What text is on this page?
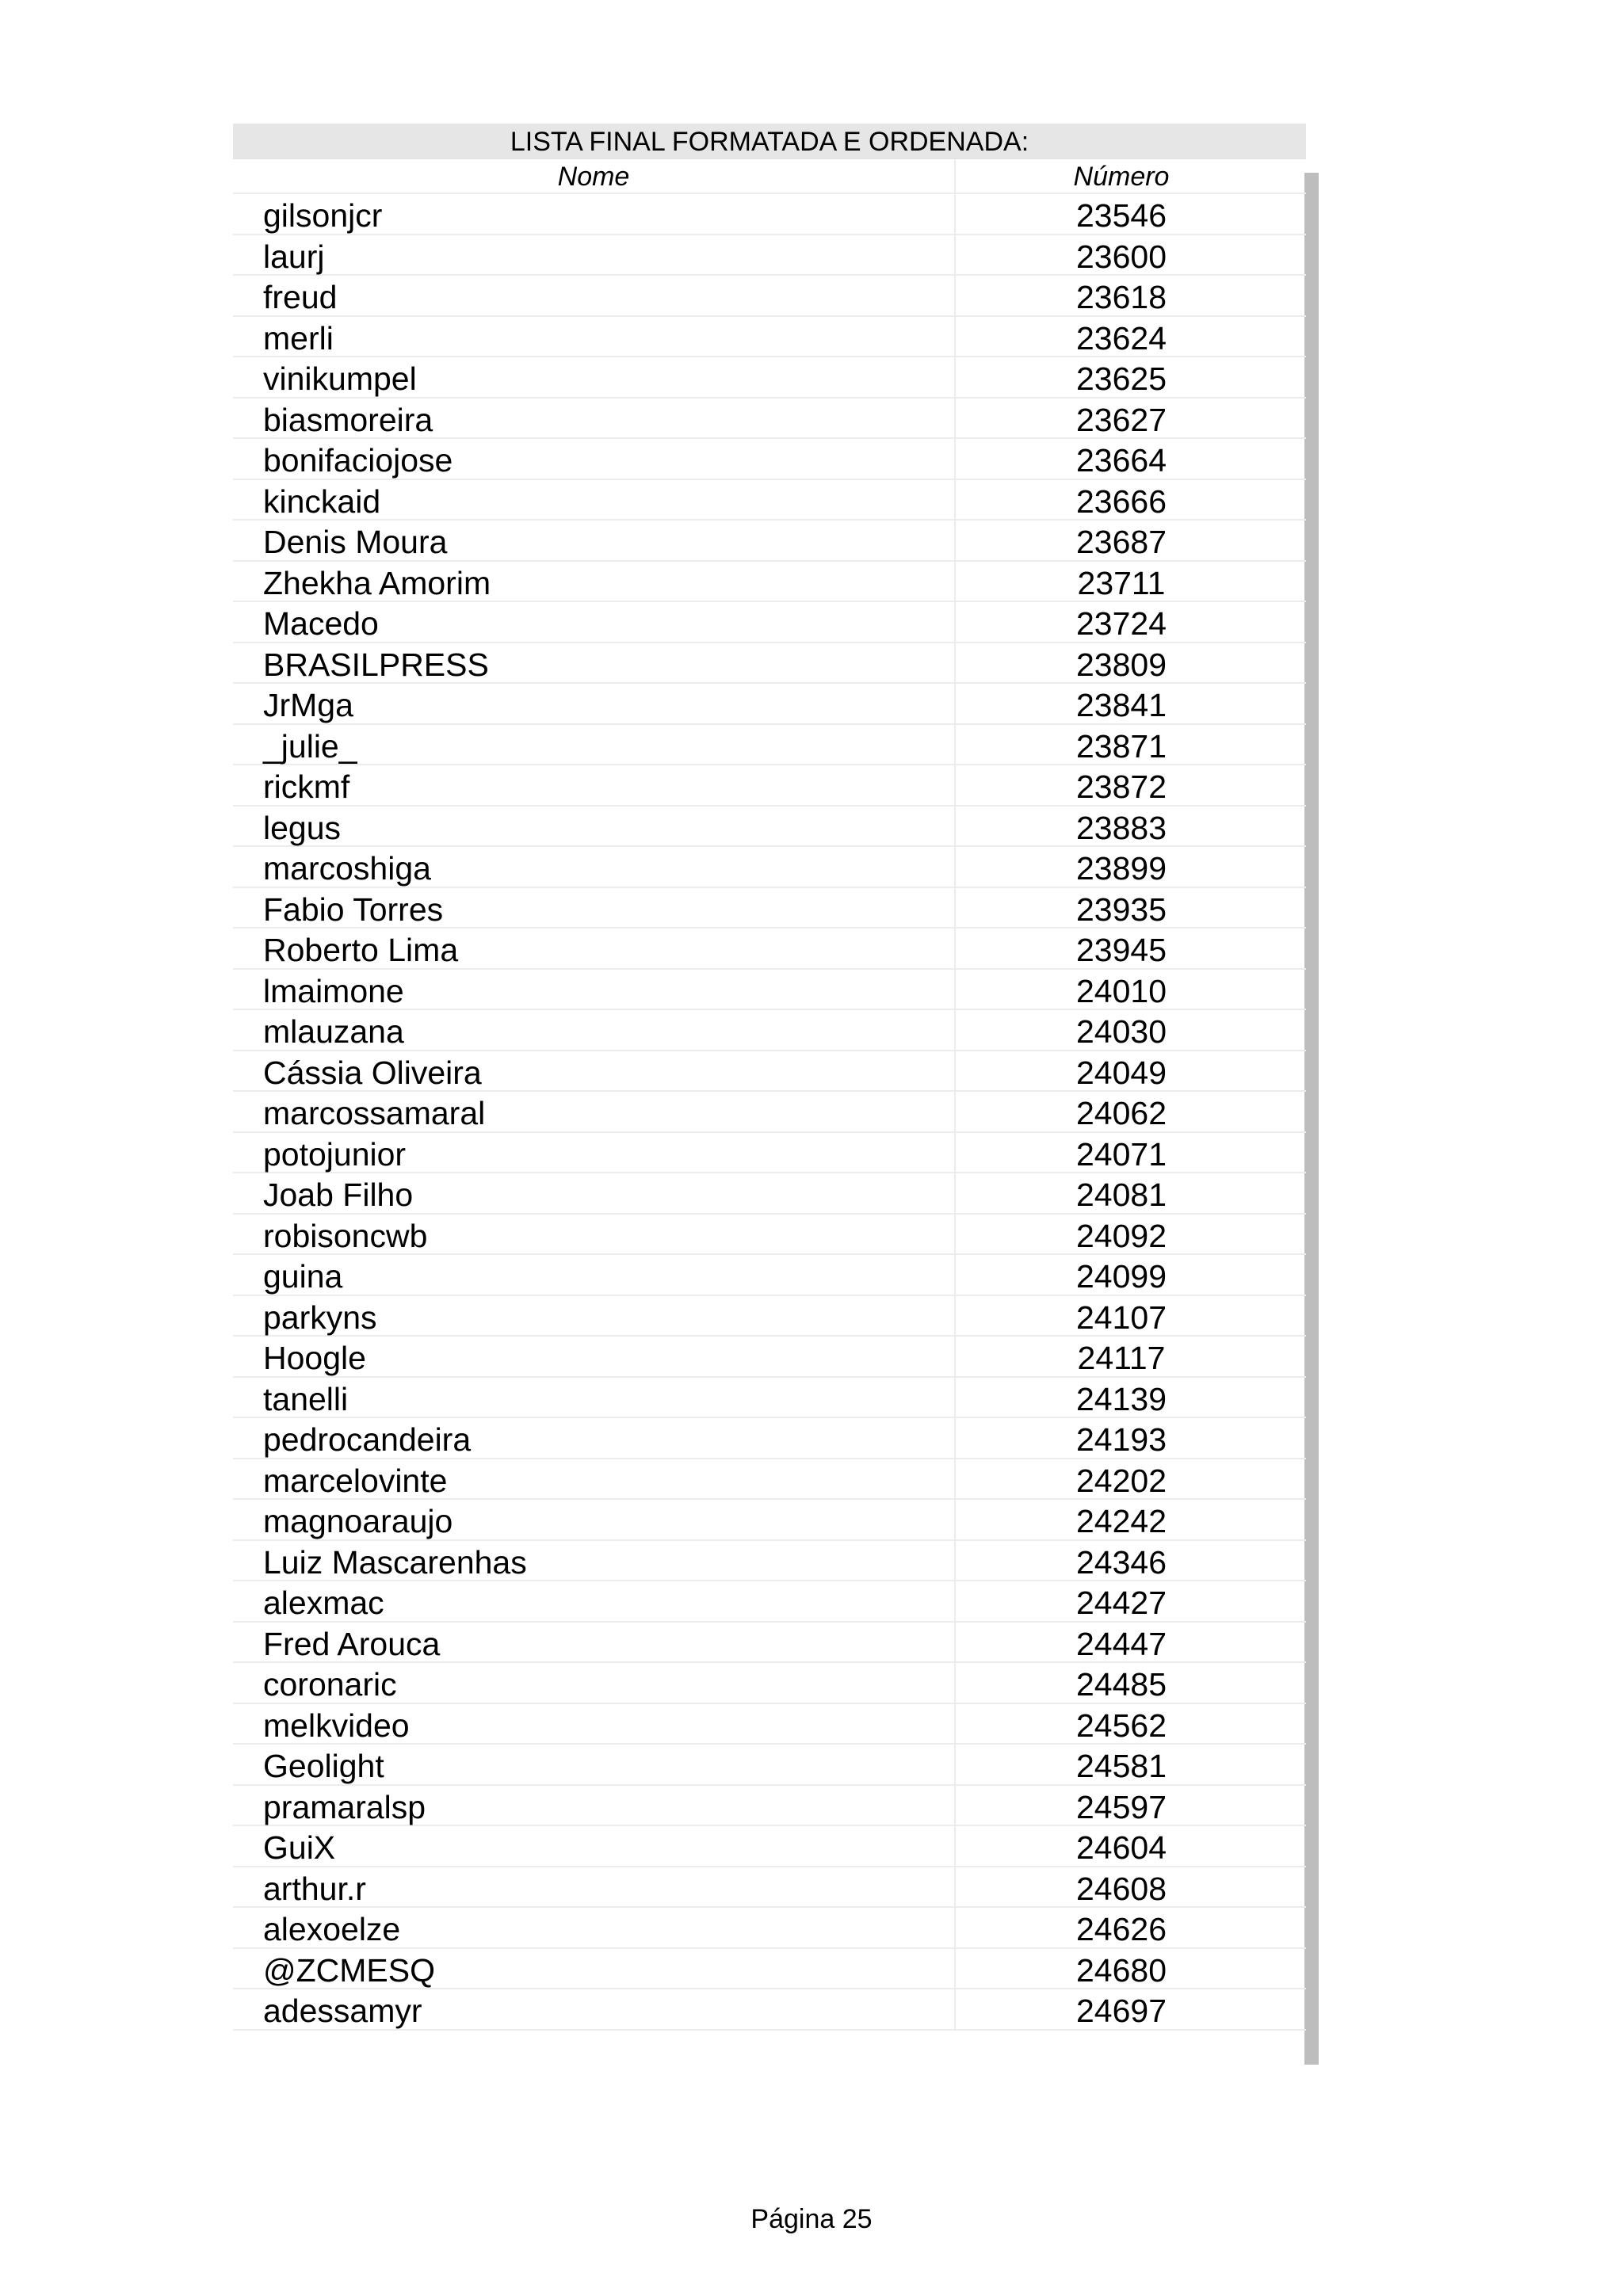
LISTA FINAL FORMATADA E ORDENADA:
Nome	Número
gilsonjcr	23546
laurj	23600
freud	23618
merli	23624
vinikumpel	23625
biasmoreira	23627
bonifaciojose	23664
kinckaid	23666
Denis Moura	23687
Zhekha Amorim	23711
Macedo	23724
BRASILPRESS	23809
JrMga	23841
_julie_	23871
rickmf	23872
legus	23883
marcoshiga	23899
Fabio Torres	23935
Roberto Lima	23945
lmaimone	24010
mlauzana	24030
Cássia Oliveira	24049
marcossamaral	24062
potojunior	24071
Joab Filho	24081
robisoncwb	24092
guina	24099
parkyns	24107
Hoogle	24117
tanelli	24139
pedrocandeira	24193
marcelovinte	24202
magnoaraujo	24242
Luiz Mascarenhas	24346
alexmac	24427
Fred Arouca	24447
coronaric	24485
melkvideo	24562
Geolight	24581
pramaralsp	24597
GuiX	24604
arthur.r	24608
alexoelze	24626
@ZCMESQ	24680
adessamyr	24697
Página 25
